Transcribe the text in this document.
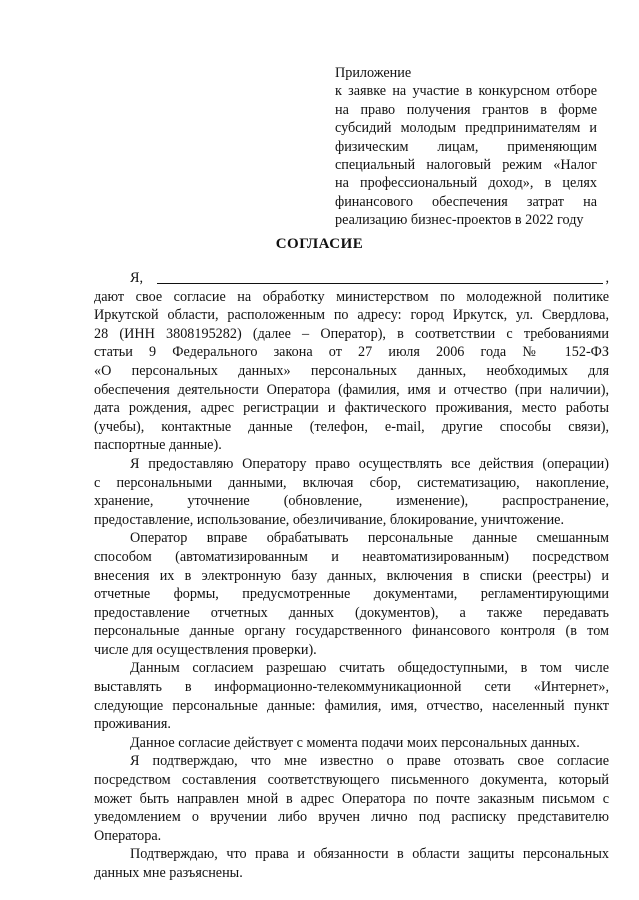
Приложение
к заявке на участие в конкурсном отборе
на право получения грантов в форме
субсидий молодым предпринимателям и
физическим лицам, применяющим
специальный налоговый режим «Налог
на профессиональный доход», в целях
финансового обеспечения затрат на
реализацию бизнес-проектов в 2022 году
СОГЛАСИЕ
Я,	,
дают свое согласие на обработку министерством по молодежной политике
Иркутской области, расположенным по адресу: город Иркутск, ул. Свердлова,
28 (ИНН 3808195282) (далее – Оператор), в соответствии с требованиями
статьи 9 Федерального закона от 27 июля 2006 года № 152-ФЗ
«О персональных данных» персональных данных, необходимых для
обеспечения деятельности Оператора (фамилия, имя и отчество (при наличии),
дата рождения, адрес регистрации и фактического проживания, место работы
(учебы), контактные данные (телефон, e-mail, другие способы связи),
паспортные данные).
Я предоставляю Оператору право осуществлять все действия (операции)
с персональными данными, включая сбор, систематизацию, накопление,
хранение, уточнение (обновление, изменение), распространение,
предоставление, использование, обезличивание, блокирование, уничтожение.
Оператор вправе обрабатывать персональные данные смешанным
способом (автоматизированным и неавтоматизированным) посредством
внесения их в электронную базу данных, включения в списки (реестры) и
отчетные формы, предусмотренные документами, регламентирующими
предоставление отчетных данных (документов), а также передавать
персональные данные органу государственного финансового контроля (в том
числе для осуществления проверки).
Данным согласием разрешаю считать общедоступными, в том числе
выставлять в информационно-телекоммуникационной сети «Интернет»,
следующие персональные данные: фамилия, имя, отчество, населенный пункт
проживания.
Данное согласие действует с момента подачи моих персональных данных.
Я подтверждаю, что мне известно о праве отозвать свое согласие
посредством составления соответствующего письменного документа, который
может быть направлен мной в адрес Оператора по почте заказным письмом с
уведомлением о вручении либо вручен лично под расписку представителю
Оператора.
Подтверждаю, что права и обязанности в области защиты персональных
данных мне разъяснены.
